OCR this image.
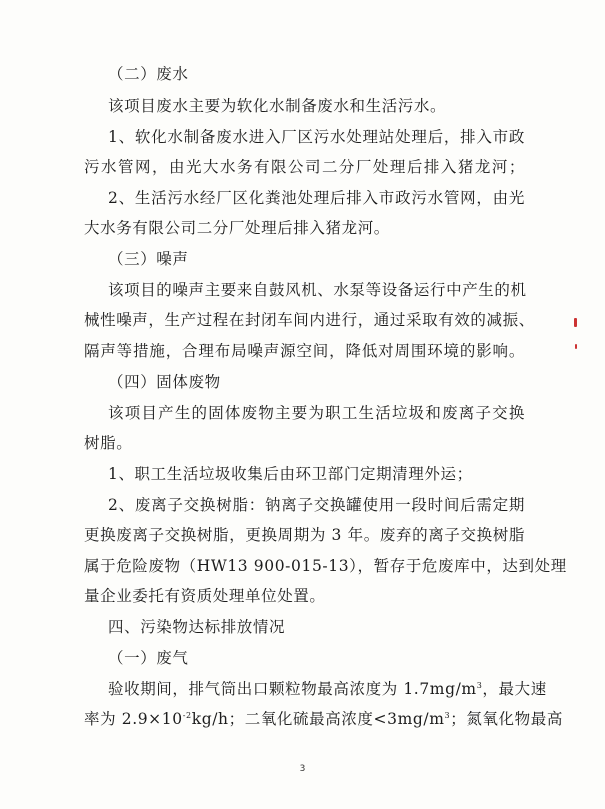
（二）废水
该项目废水主要为软化水制备废水和生活污水。
1、软化水制备废水进入厂区污水处理站处理后，排入市政
污水管网，由光大水务有限公司二分厂处理后排入猪龙河；
2、生活污水经厂区化粪池处理后排入市政污水管网，由光
大水务有限公司二分厂处理后排入猪龙河。
（三）噪声
该项目的噪声主要来自鼓风机、水泵等设备运行中产生的机
械性噪声，生产过程在封闭车间内进行，通过采取有效的减振、
隔声等措施，合理布局噪声源空间，降低对周围环境的影响。
（四）固体废物
该项目产生的固体废物主要为职工生活垃圾和废离子交换
树脂。
1、职工生活垃圾收集后由环卫部门定期清理外运；
2、废离子交换树脂：钠离子交换罐使用一段时间后需定期
更换废离子交换树脂，更换周期为 3 年。废弃的离子交换树脂
属于危险废物（HW13 900-015-13），暂存于危废库中，达到处理
量企业委托有资质处理单位处置。
四、污染物达标排放情况
（一）废气
验收期间，排气筒出口颗粒物最高浓度为 $1.7mg/m^3$，最大速
率为 $2.9\times 10^{-2}kg/h$；二氧化硫最高浓度$<3mg/m^3$；氮氧化物最高
3
